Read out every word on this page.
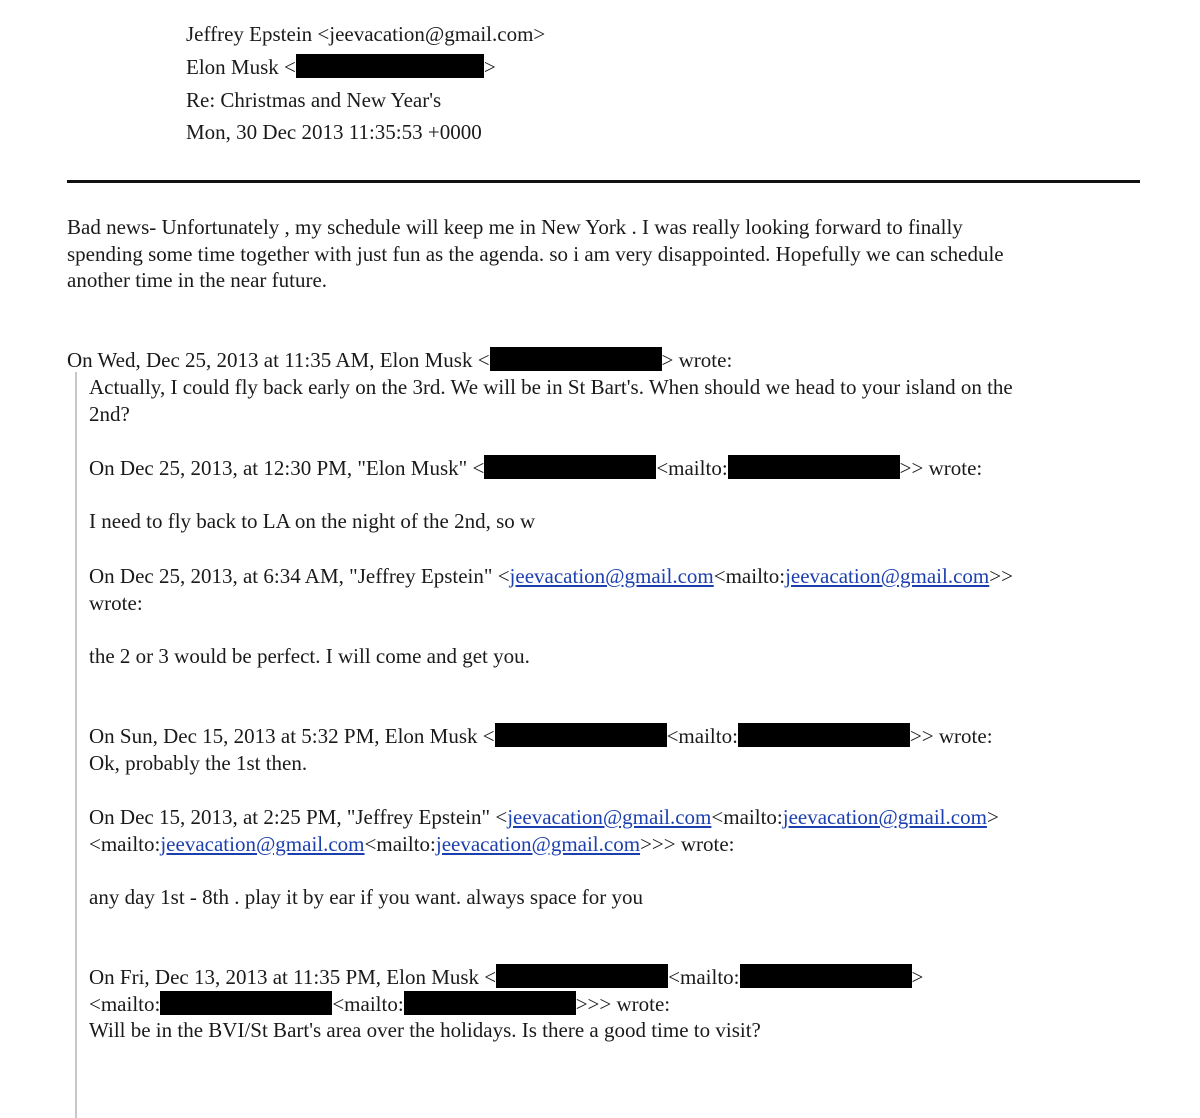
Jeffrey Epstein <jeevacation@gmail.com>
Elon Musk <	>
Re: Christmas and New Year's
Mon, 30 Dec 2013 11:35:53 +0000
Bad news- Unfortunately , my schedule will keep me in New York . I was really looking forward to finally
spending some time together with just fun as the agenda. so i am very disappointed. Hopefully we can schedule
another time in the near future.
On Wed, Dec 25, 2013 at 11:35 AM, Elon Musk <	> wrote:
Actually, I could fly back early on the 3rd. We will be in St Bart's. When should we head to your island on the
2nd?
On Dec 25, 2013, at 12:30 PM, "Elon Musk" <	<mailto:	>> wrote:
I need to fly back to LA on the night of the 2nd, so w
On Dec 25, 2013, at 6:34 AM, "Jeffrey Epstein" <jeevacation@gmail.com<mailto:jeevacation@gmail.com>>
wrote:
the 2 or 3 would be perfect. I will come and get you.
On Sun, Dec 15, 2013 at 5:32 PM, Elon Musk <	<mailto:	>> wrote:
Ok, probably the 1st then.
On Dec 15, 2013, at 2:25 PM, "Jeffrey Epstein" <jeevacation@gmail.com<mailto:jeevacation@gmail.com>
<mailto:jeevacation@gmail.com<mailto:jeevacation@gmail.com>>> wrote:
any day 1st - 8th . play it by ear if you want. always space for you
On Fri, Dec 13, 2013 at 11:35 PM, Elon Musk <	<mailto:	>
<mailto:	<mailto:	>>> wrote:
Will be in the BVI/St Bart's area over the holidays. Is there a good time to visit?
